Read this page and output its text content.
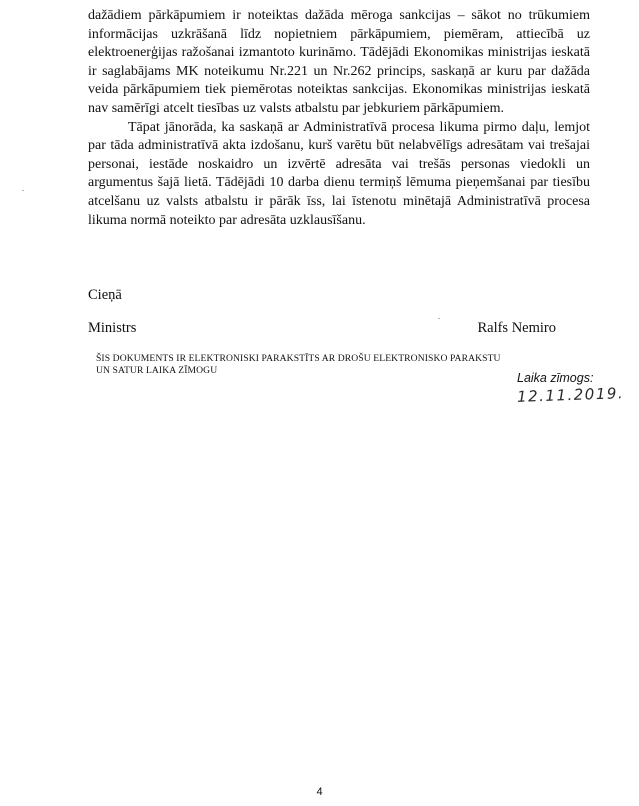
dažādiem pārkāpumiem ir noteiktas dažāda mēroga sankcijas – sākot no trūkumiem informācijas uzkrāšanā līdz nopietniem pārkāpumiem, piemēram, attiecībā uz elektroenerģijas ražošanai izmantoto kurināmo. Tādējādi Ekonomikas ministrijas ieskatā ir saglabājams MK noteikumu Nr.221 un Nr.262 princips, saskaņā ar kuru par dažāda veida pārkāpumiem tiek piemērotas noteiktas sankcijas. Ekonomikas ministrijas ieskatā nav samērīgi atcelt tiesības uz valsts atbalstu par jebkuriem pārkāpumiem.

Tāpat jānorāda, ka saskaņā ar Administratīvā procesa likuma pirmo daļu, lemjot par tāda administratīvā akta izdošanu, kurš varētu būt nelabvēlīgs adresātam vai trešajai personai, iestāde noskaidro un izvērtē adresāta vai trešās personas viedokli un argumentus šajā lietā. Tādējādi 10 darba dienu termiņš lēmuma pieņemšanai par tiesību atcelšanu uz valsts atbalstu ir pārāk īss, lai īstenotu minētajā Administratīvā procesa likuma normā noteikto par adresāta uzklausīšanu.

Cieņā

Ministrs	Ralfs Nemiro

ŠIS DOKUMENTS IR ELEKTRONISKI PARAKSTĪTS AR DROŠU ELEKTRONISKO PARAKSTU UN SATUR LAIKA ZĪMOGU

Laika zīmogs:

12.11.2019.

4
